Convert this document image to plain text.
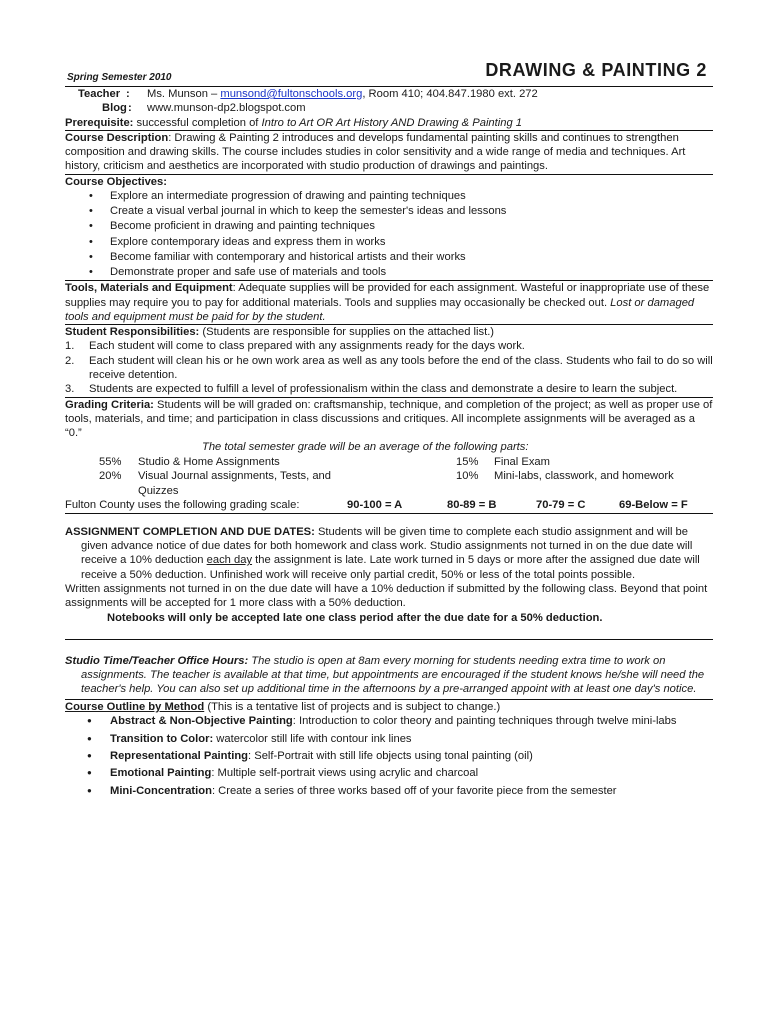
Spring Semester 2010	DRAWING & PAINTING 2
Teacher : Ms. Munson – munsond@fultonschools.org, Room 410; 404.847.1980 ext. 272
Blog : www.munson-dp2.blogspot.com
Prerequisite: successful completion of Intro to Art OR Art History AND Drawing & Painting 1
Course Description: Drawing & Painting 2 introduces and develops fundamental painting skills and continues to strengthen composition and drawing skills. The course includes studies in color sensitivity and a wide range of media and techniques. Art history, criticism and aesthetics are incorporated with studio production of drawings and paintings.
Course Objectives:
• Explore an intermediate progression of drawing and painting techniques
• Create a visual verbal journal in which to keep the semester's ideas and lessons
• Become proficient in drawing and painting techniques
• Explore contemporary ideas and express them in works
• Become familiar with contemporary and historical artists and their works
• Demonstrate proper and safe use of materials and tools
Tools, Materials and Equipment: Adequate supplies will be provided for each assignment. Wasteful or inappropriate use of these supplies may require you to pay for additional materials. Tools and supplies may occasionally be checked out. Lost or damaged tools and equipment must be paid for by the student.
Student Responsibilities: (Students are responsible for supplies on the attached list.)
1. Each student will come to class prepared with any assignments ready for the days work.
2. Each student will clean his or he own work area as well as any tools before the end of the class. Students who fail to do so will receive detention.
3. Students are expected to fulfill a level of professionalism within the class and demonstrate a desire to learn the subject.
Grading Criteria: Students will be will graded on: craftsmanship, technique, and completion of the project; as well as proper use of tools, materials, and time; and participation in class discussions and critiques. All incomplete assignments will be averaged as a “0.”
The total semester grade will be an average of the following parts:
55% Studio & Home Assignments	15% Final Exam
20% Visual Journal assignments, Tests, and	10% Mini-labs, classwork, and homework
Quizzes
Fulton County uses the following grading scale:	90-100 = A	80-89 = B	70-79 = C	69-Below = F
ASSIGNMENT COMPLETION AND DUE DATES: Students will be given time to complete each studio assignment and will be given advance notice of due dates for both homework and class work. Studio assignments not turned in on the due date will receive a 10% deduction each day the assignment is late. Late work turned in 5 days or more after the assigned due date will receive a 50% deduction. Unfinished work will receive only partial credit, 50% or less of the total points possible.
Written assignments not turned in on the due date will have a 10% deduction if submitted by the following class. Beyond that point assignments will be accepted for 1 more class with a 50% deduction.
Notebooks will only be accepted late one class period after the due date for a 50% deduction.
Studio Time/Teacher Office Hours: The studio is open at 8am every morning for students needing extra time to work on assignments. The teacher is available at that time, but appointments are encouraged if the student knows he/she will need the teacher's help. You can also set up additional time in the afternoons by a pre-arranged appoint with at least one day's notice.
Course Outline by Method (This is a tentative list of projects and is subject to change.)
● Abstract & Non-Objective Painting: Introduction to color theory and painting techniques through twelve mini-labs
● Transition to Color: watercolor still life with contour ink lines
● Representational Painting: Self-Portrait with still life objects using tonal painting (oil)
● Emotional Painting: Multiple self-portrait views using acrylic and charcoal
● Mini-Concentration: Create a series of three works based off of your favorite piece from the semester
